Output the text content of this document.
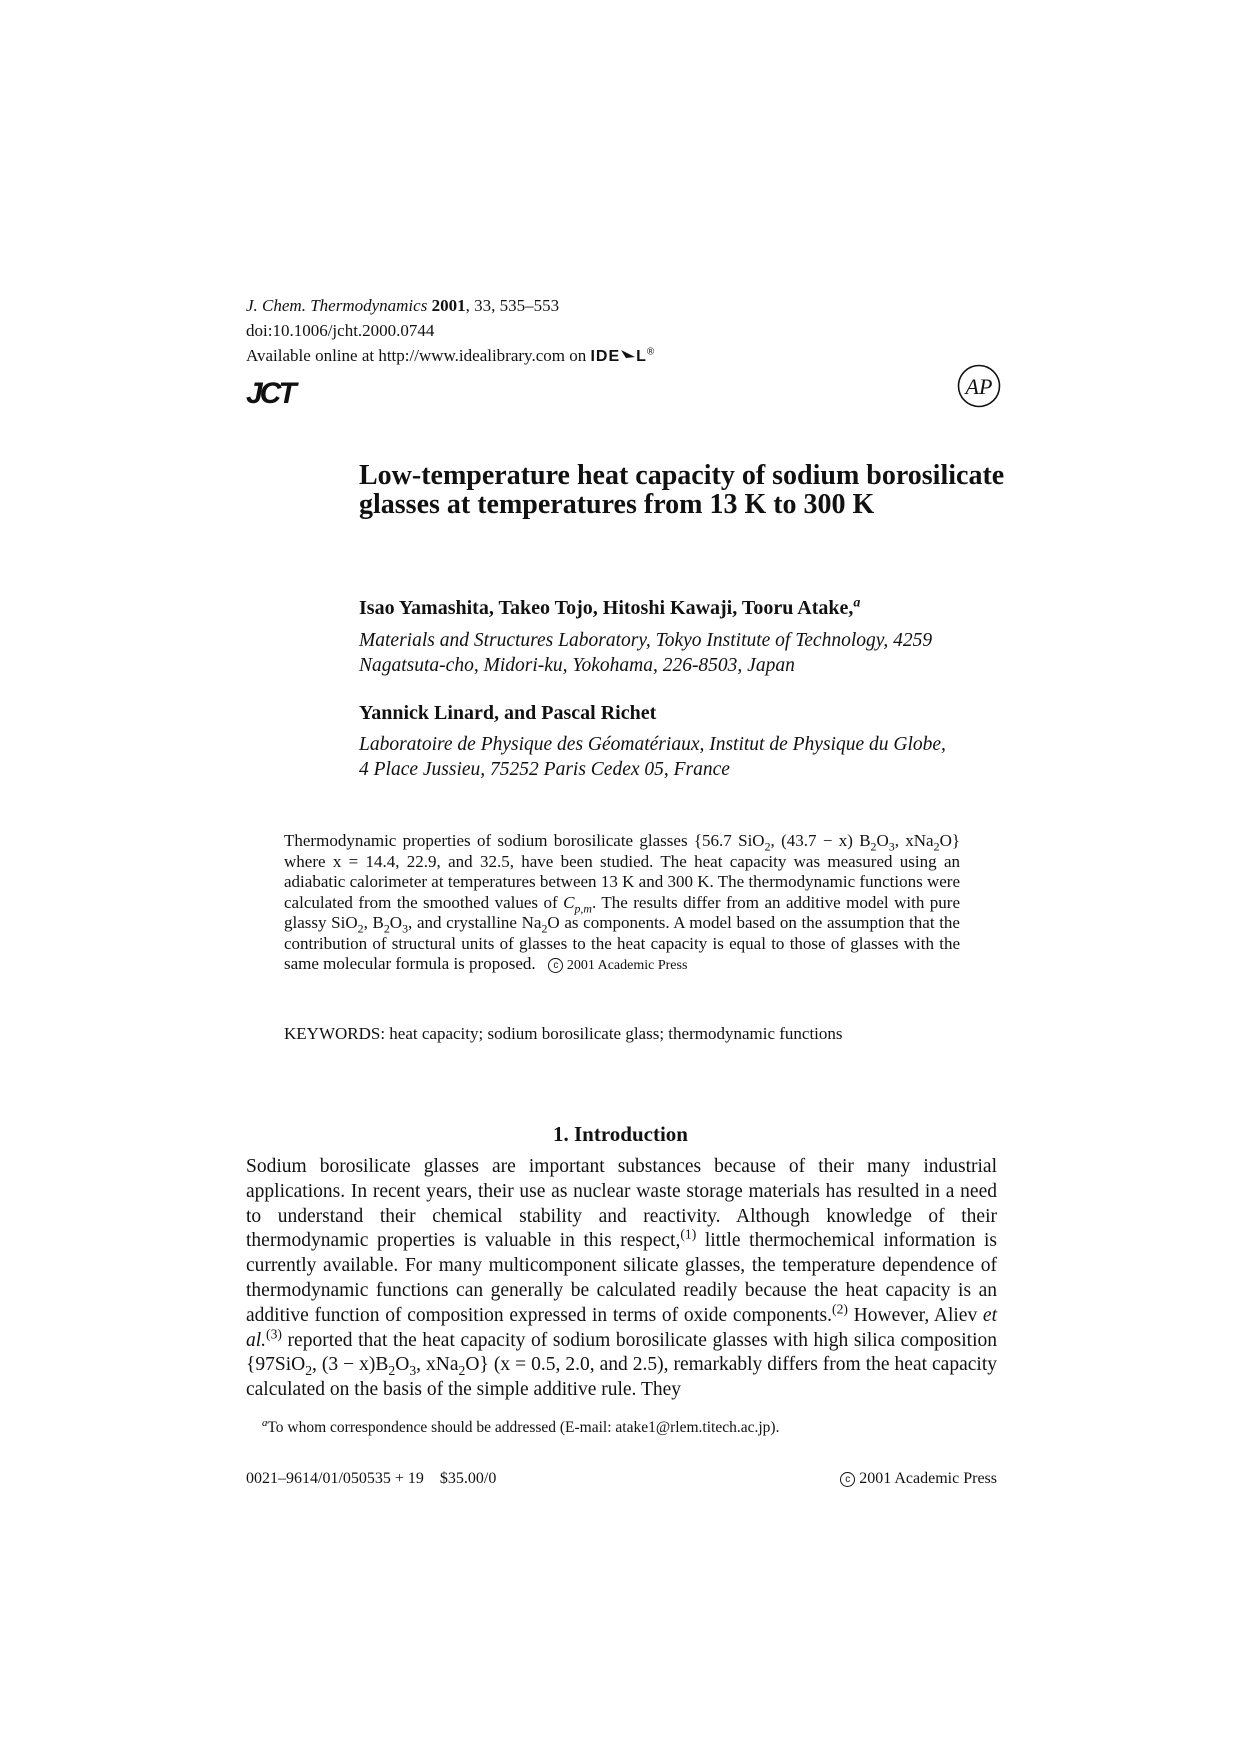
J. Chem. Thermodynamics 2001, 33, 535–553
doi:10.1006/jcht.2000.0744
Available online at http://www.idealibrary.com on IDE L®
JCT	AP
Low-temperature heat capacity of sodium borosilicate glasses at temperatures from 13 K to 300 K
Isao Yamashita, Takeo Tojo, Hitoshi Kawaji, Tooru Atake,$^a$
Materials and Structures Laboratory, Tokyo Institute of Technology, 4259
Nagatsuta-cho, Midori-ku, Yokohama, 226-8503, Japan
Yannick Linard, and Pascal Richet
Laboratoire de Physique des Géomatériaux, Institut de Physique du Globe,
4 Place Jussieu, 75252 Paris Cedex 05, France
Thermodynamic properties of sodium borosilicate glasses {56.7 SiO$_2$, (43.7 − x) $B_2O_3$, xNa$_2$O} where x = 14.4, 22.9, and 32.5, have been studied. The heat capacity was measured using an adiabatic calorimeter at temperatures between 13 K and 300 K. The thermodynamic functions were calculated from the smoothed values of $C_{p,m}$. The results differ from an additive model with pure glassy SiO$_2$, $B_2O_3$, and crystalline $Na_2O$ as components. A model based on the assumption that the contribution of structural units of glasses to the heat capacity is equal to those of glasses with the same molecular formula is proposed. c 2001 Academic Press
KEYWORDS: heat capacity; sodium borosilicate glass; thermodynamic functions
1. Introduction
Sodium borosilicate glasses are important substances because of their many industrial applications. In recent years, their use as nuclear waste storage materials has resulted in a need to understand their chemical stability and reactivity. Although knowledge of their thermodynamic properties is valuable in this respect,$^{(1)}$ little thermochemical information is currently available. For many multicomponent silicate glasses, the temperature dependence of thermodynamic functions can generally be calculated readily because the heat capacity is an additive function of composition expressed in terms of oxide components.$^{(2)}$ However, Aliev et al.$^{(3)}$ reported that the heat capacity of sodium borosilicate glasses with high silica composition {97SiO$_2$, $(3 - x)B_2O_3$, xNa$_2$O} (x = 0.5, 2.0, and 2.5), remarkably differs from the heat capacity calculated on the basis of the simple additive rule. They
$^a$To whom correspondence should be addressed (E-mail: atake1@rlem.titech.ac.jp).
0021–9614/01/050535 + 19    $35.00/0	c 2001 Academic Press
